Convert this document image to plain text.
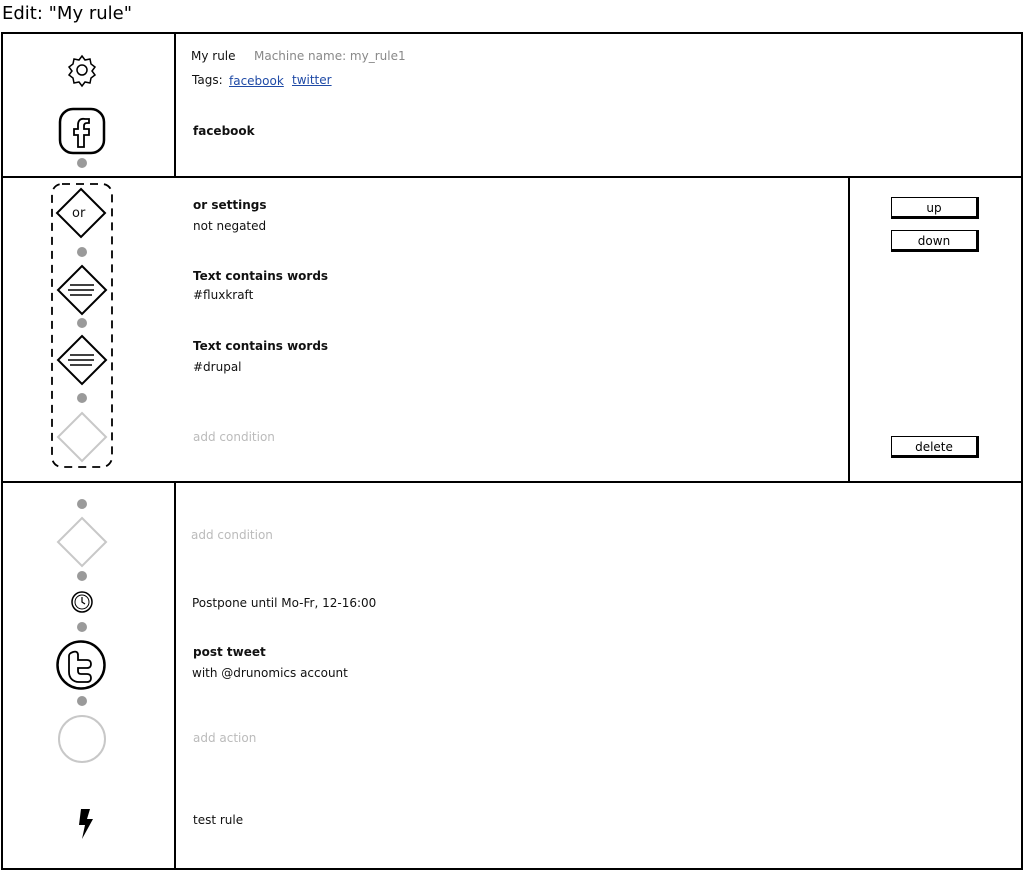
Edit: "My rule"
My rule Machine name: my_rule1
Tags: facebook twitter
facebook
or
or settings
not negated
Text contains words
#fluxkraft
Text contains words
#drupal
add condition
up
down
delete
add condition
Postpone until Mo-Fr, 12-16:00
post tweet
with @drunomics account
add action
test rule
